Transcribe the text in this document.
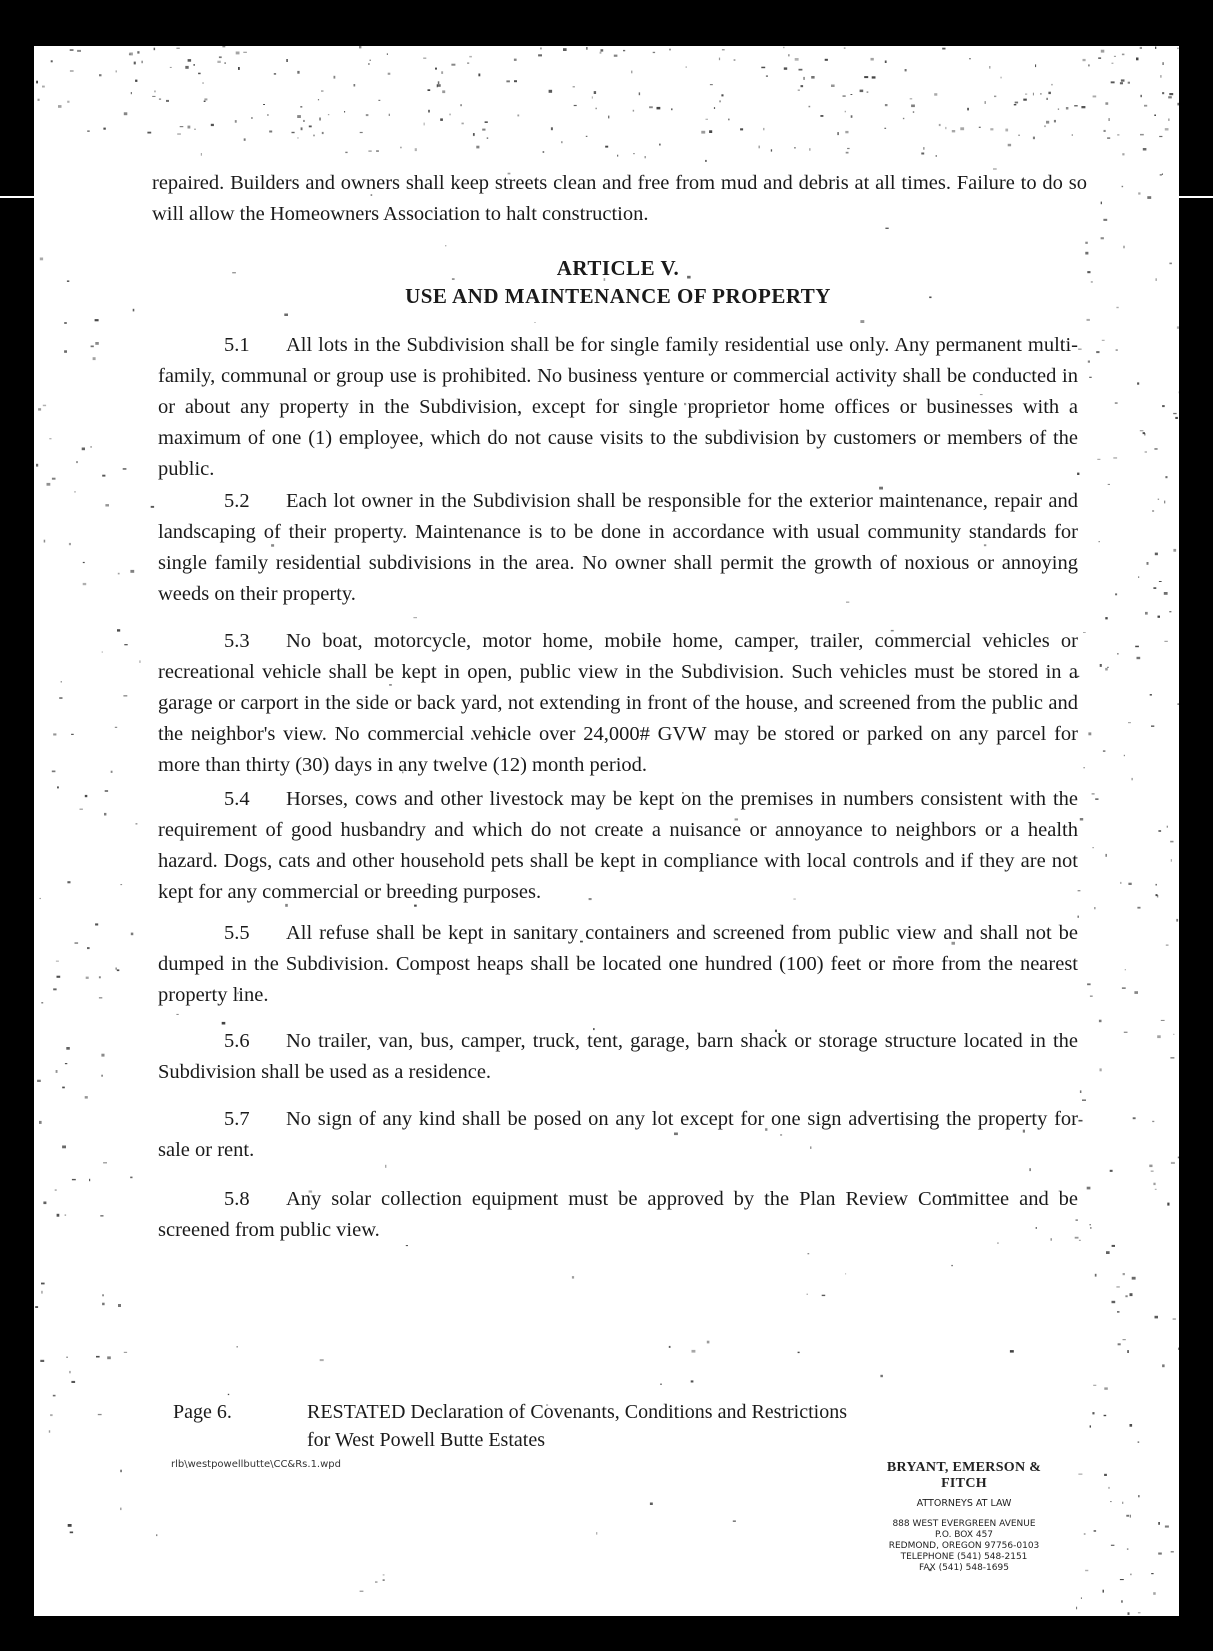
repaired. Builders and owners shall keep streets clean and free from mud and debris at all times. Failure to do so will allow the Homeowners Association to halt construction.

ARTICLE V.
USE AND MAINTENANCE OF PROPERTY

5.1 All lots in the Subdivision shall be for single family residential use only. Any permanent multi-family, communal or group use is prohibited. No business venture or commercial activity shall be conducted in or about any property in the Subdivision, except for single proprietor home offices or businesses with a maximum of one (1) employee, which do not cause visits to the subdivision by customers or members of the public.

5.2 Each lot owner in the Subdivision shall be responsible for the exterior maintenance, repair and landscaping of their property. Maintenance is to be done in accordance with usual community standards for single family residential subdivisions in the area. No owner shall permit the growth of noxious or annoying weeds on their property.

5.3 No boat, motorcycle, motor home, mobile home, camper, trailer, commercial vehicles or recreational vehicle shall be kept in open, public view in the Subdivision. Such vehicles must be stored in a garage or carport in the side or back yard, not extending in front of the house, and screened from the public and the neighbor's view. No commercial vehicle over 24,000# GVW may be stored or parked on any parcel for more than thirty (30) days in any twelve (12) month period.

5.4 Horses, cows and other livestock may be kept on the premises in numbers consistent with the requirement of good husbandry and which do not create a nuisance or annoyance to neighbors or a health hazard. Dogs, cats and other household pets shall be kept in compliance with local controls and if they are not kept for any commercial or breeding purposes.

5.5 All refuse shall be kept in sanitary containers and screened from public view and shall not be dumped in the Subdivision. Compost heaps shall be located one hundred (100) feet or more from the nearest property line.

5.6 No trailer, van, bus, camper, truck, tent, garage, barn shack or storage structure located in the Subdivision shall be used as a residence.

5.7 No sign of any kind shall be posed on any lot except for one sign advertising the property for sale or rent.

5.8 Any solar collection equipment must be approved by the Plan Review Committee and be screened from public view.

Page 6.	RESTATED Declaration of Covenants, Conditions and Restrictions
for West Powell Butte Estates
rlb\westpowellbutte\CC&Rs.1.wpd	BRYANT, EMERSON & FITCH
ATTORNEYS AT LAW
888 WEST EVERGREEN AVENUE
P.O. BOX 457
REDMOND, OREGON 97756-0103
TELEPHONE (541) 548-2151
FAX (541) 548-1695
